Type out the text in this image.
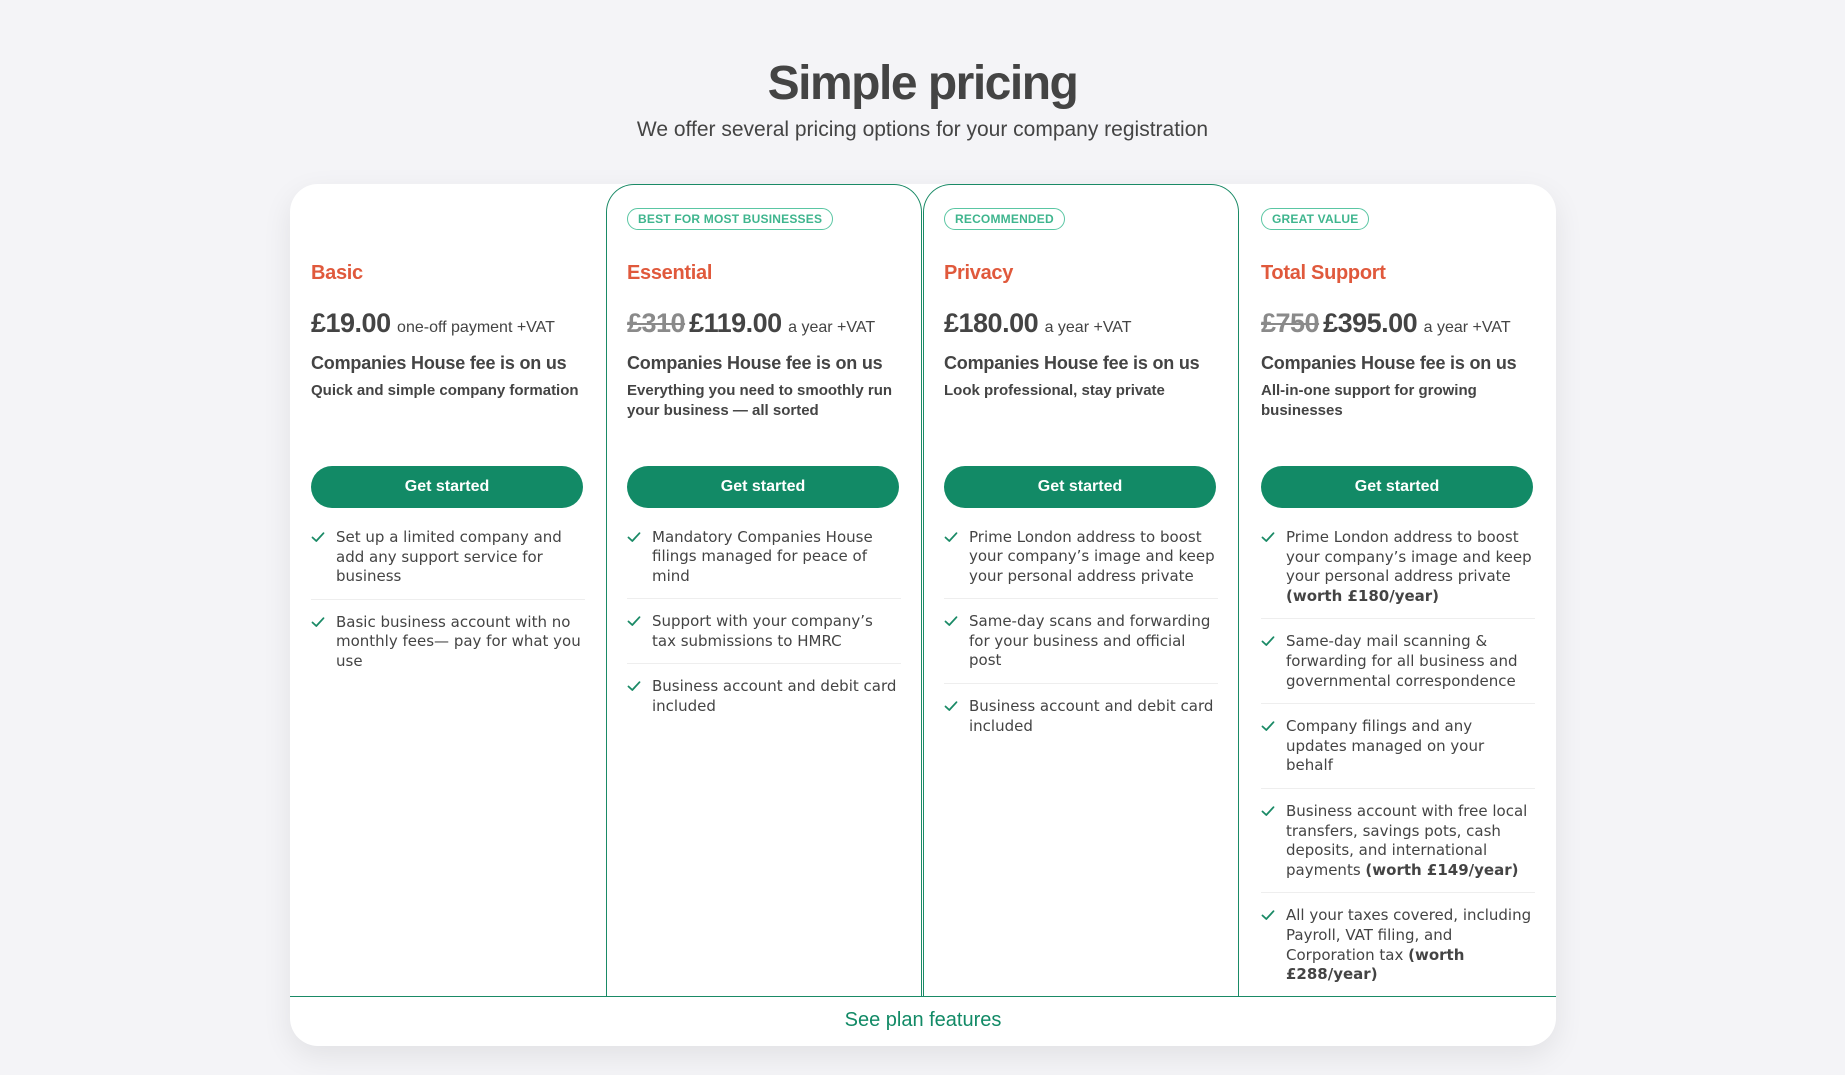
Simple pricing

We offer several pricing options for your company registration

Basic
£19.00 one-off payment +VAT
Companies House fee is on us
Quick and simple company formation
Get started
Set up a limited company and add any support service for business
Basic business account with no monthly fees— pay for what you use
BEST FOR MOST BUSINESSES
Essential
£310 £119.00 a year +VAT
Companies House fee is on us
Everything you need to smoothly run your business — all sorted
Get started
Mandatory Companies House filings managed for peace of mind
Support with your company’s tax submissions to HMRC
Business account and debit card included
RECOMMENDED
Privacy
£180.00 a year +VAT
Companies House fee is on us
Look professional, stay private
Get started
Prime London address to boost your company’s image and keep your personal address private
Same-day scans and forwarding for your business and official post
Business account and debit card included
GREAT VALUE
Total Support
£750 £395.00 a year +VAT
Companies House fee is on us
All-in-one support for growing businesses
Get started
Prime London address to boost your company’s image and keep your personal address private (worth £180/year)
Same-day mail scanning & forwarding for all business and governmental correspondence
Company filings and any updates managed on your behalf
Business account with free local transfers, savings pots, cash deposits, and international payments (worth £149/year)
All your taxes covered, including Payroll, VAT filing, and Corporation tax (worth £288/year)
See plan features
